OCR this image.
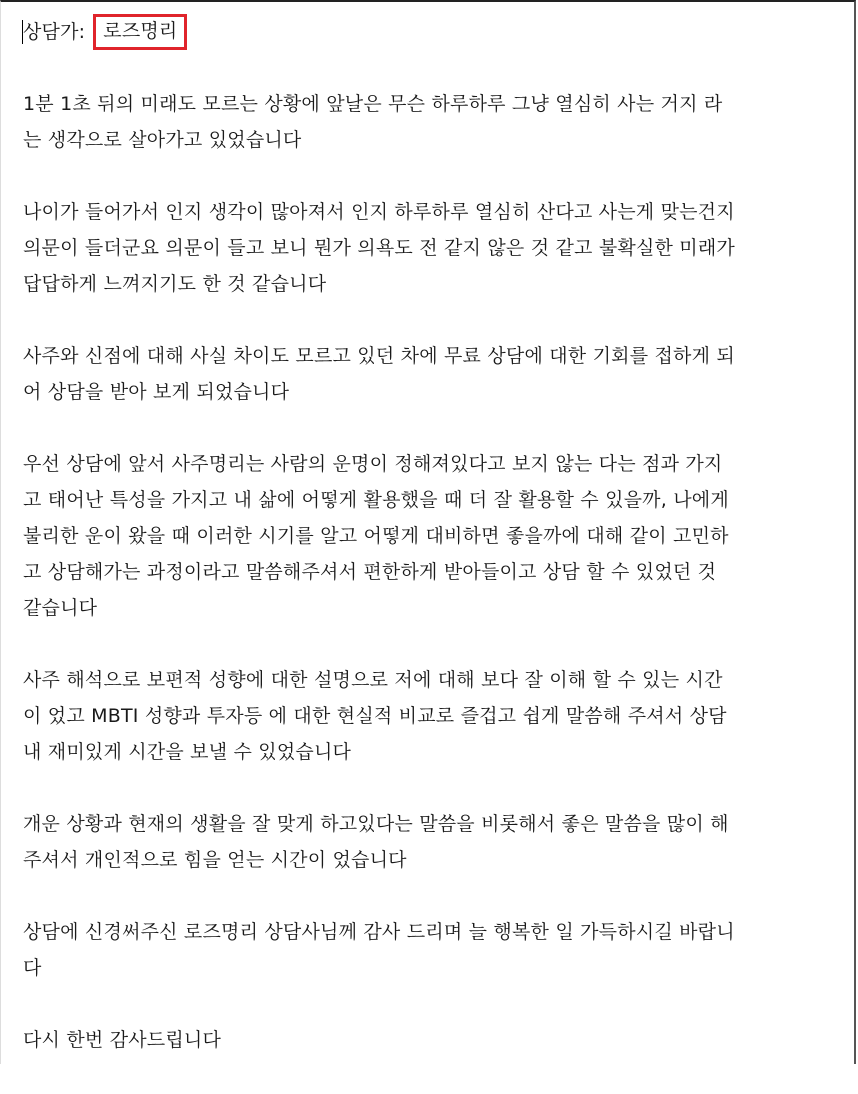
상담가: 로즈명리
1분 1초 뒤의 미래도 모르는 상황에 앞날은 무슨 하루하루 그냥 열심히 사는 거지 라
는 생각으로 살아가고 있었습니다
나이가 들어가서 인지 생각이 많아져서 인지 하루하루 열심히 산다고 사는게 맞는건지
의문이 들더군요 의문이 들고 보니 뭔가 의욕도 전 같지 않은 것 같고 불확실한 미래가
답답하게 느껴지기도 한 것 같습니다
사주와 신점에 대해 사실 차이도 모르고 있던 차에 무료 상담에 대한 기회를 접하게 되
어 상담을 받아 보게 되었습니다
우선 상담에 앞서 사주명리는 사람의 운명이 정해져있다고 보지 않는 다는 점과 가지
고 태어난 특성을 가지고 내 삶에 어떻게 활용했을 때 더 잘 활용할 수 있을까, 나에게
불리한 운이 왔을 때 이러한 시기를 알고 어떻게 대비하면 좋을까에 대해 같이 고민하
고 상담해가는 과정이라고 말씀해주셔서 편한하게 받아들이고 상담 할 수 있었던 것
같습니다
사주 해석으로 보편적 성향에 대한 설명으로 저에 대해 보다 잘 이해 할 수 있는 시간
이 었고 MBTI 성향과 투자등 에 대한 현실적 비교로 즐겁고 쉽게 말씀해 주셔서 상담
내 재미있게 시간을 보낼 수 있었습니다
개운 상황과 현재의 생활을 잘 맞게 하고있다는 말씀을 비롯해서 좋은 말씀을 많이 해
주셔서 개인적으로 힘을 얻는 시간이 었습니다
상담에 신경써주신 로즈명리 상담사님께 감사 드리며 늘 행복한 일 가득하시길 바랍니
다
다시 한번 감사드립니다
